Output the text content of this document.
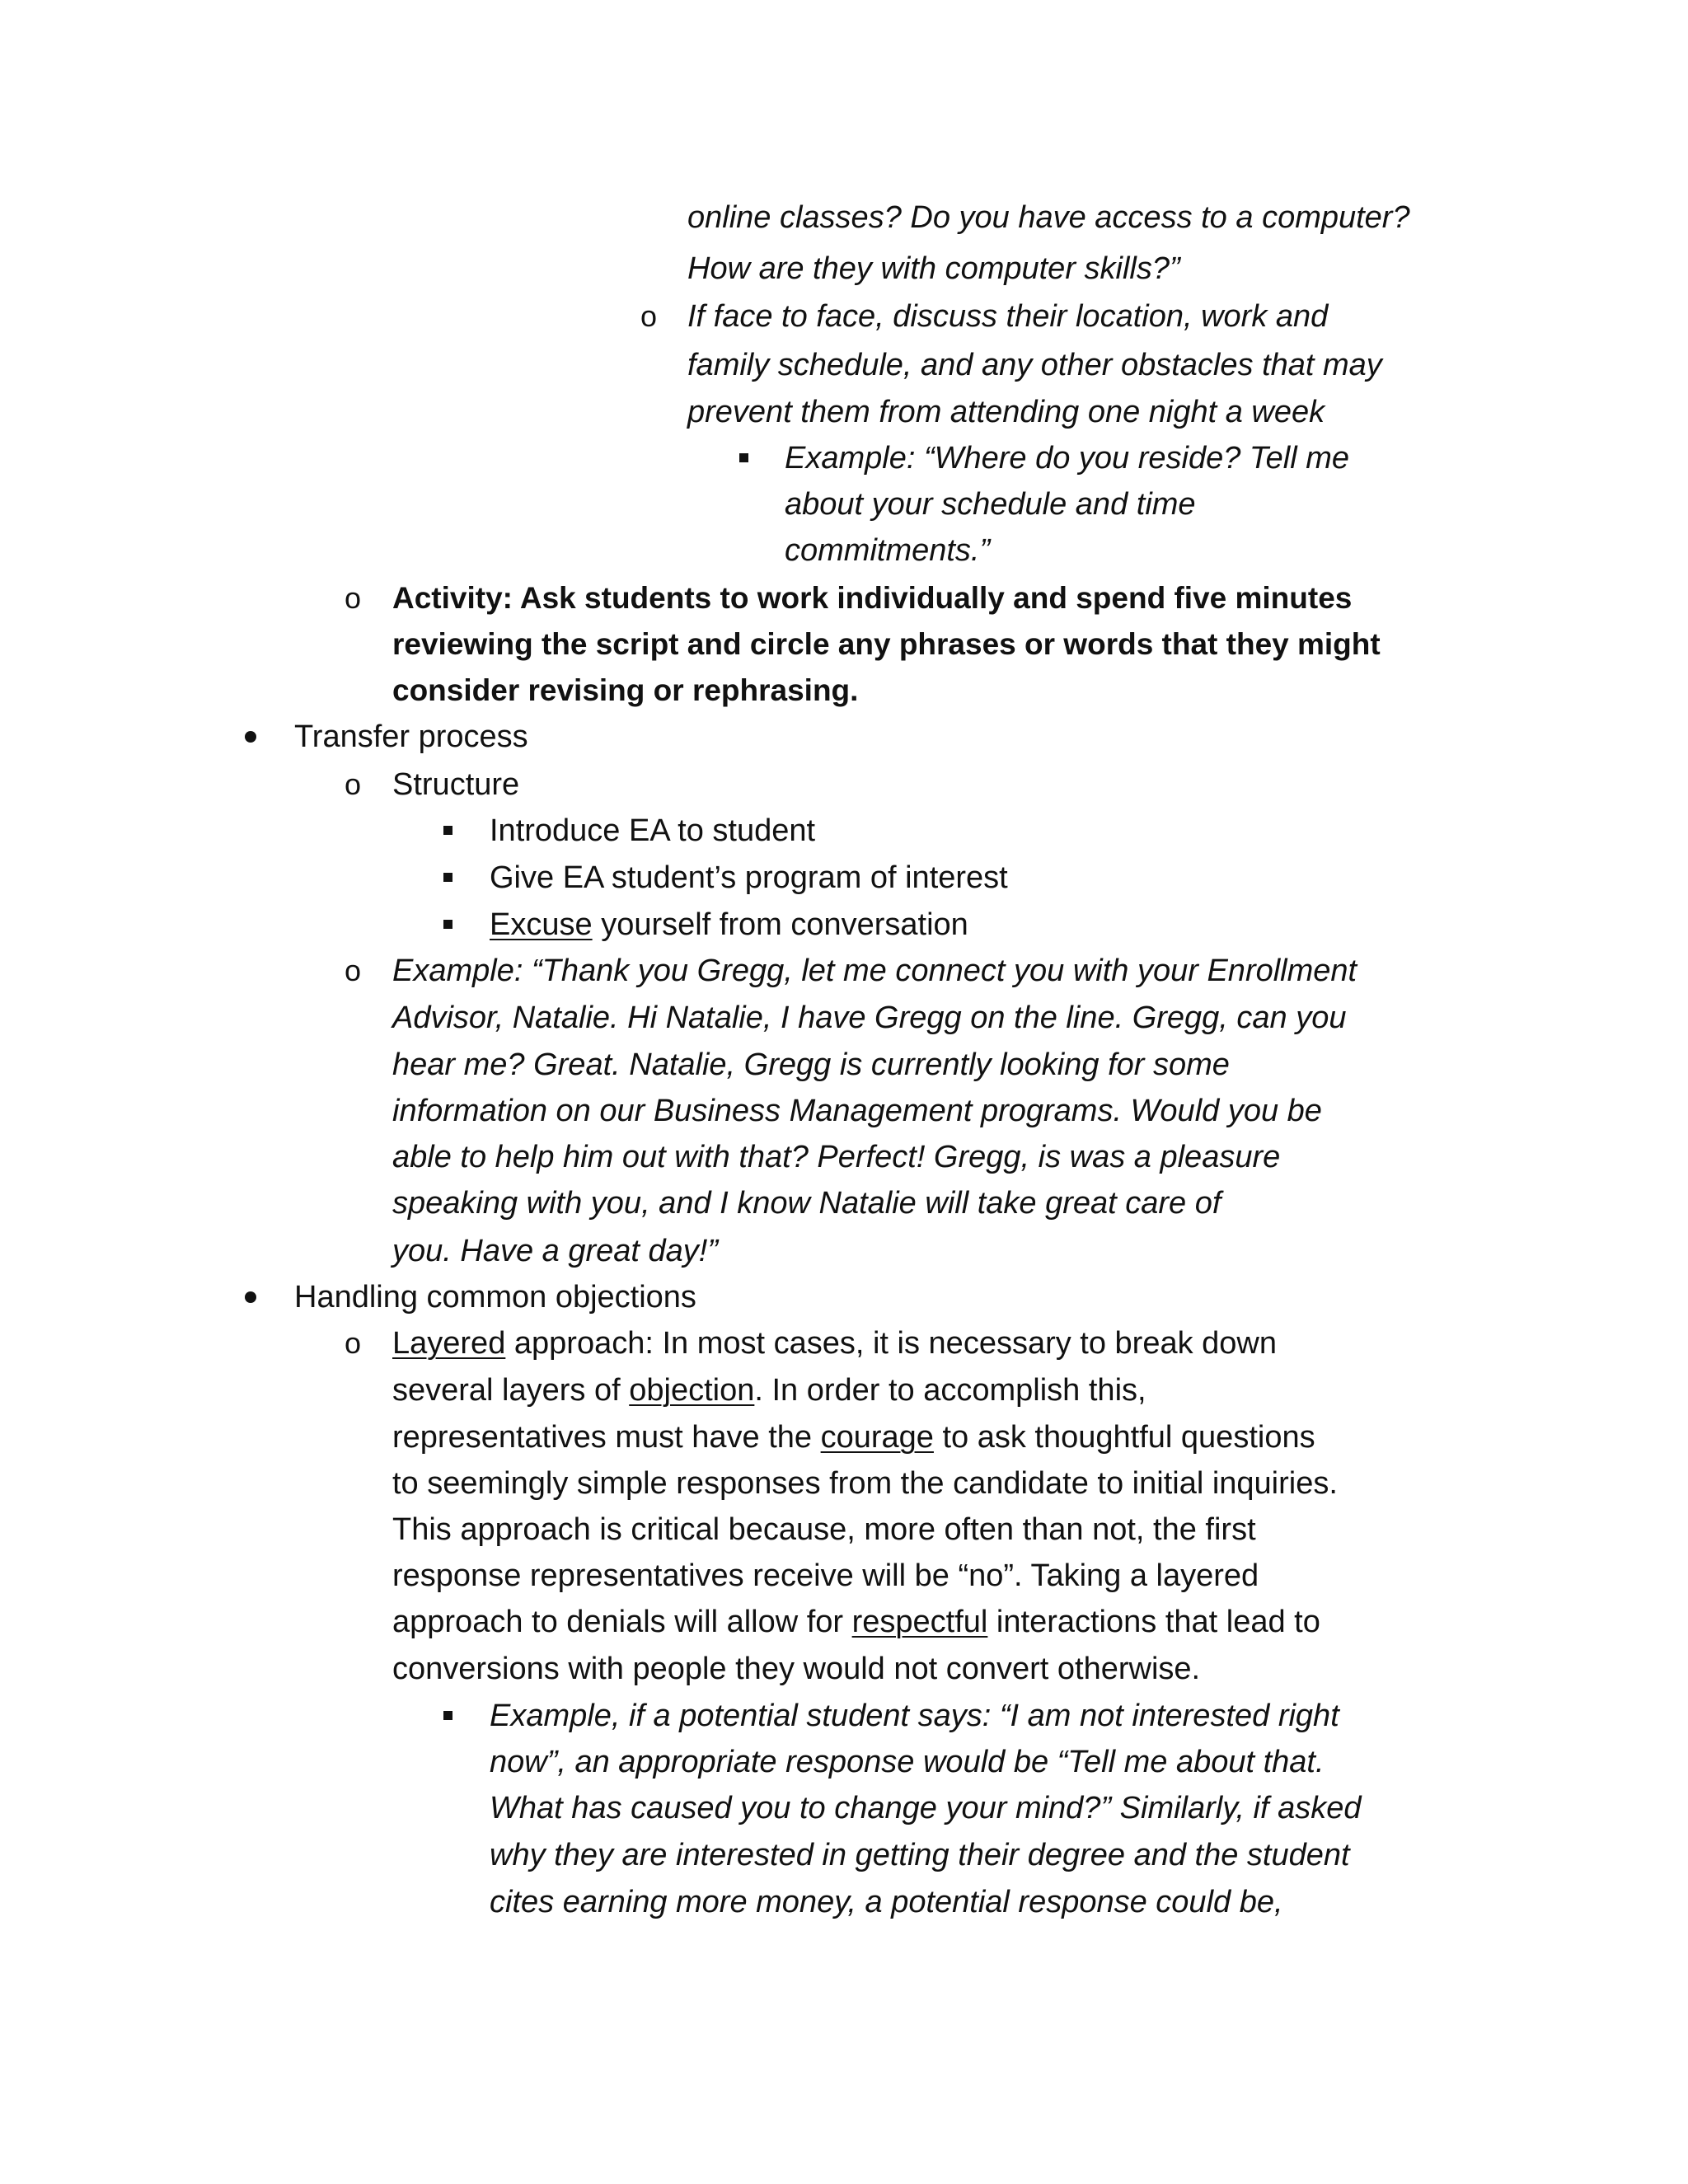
online classes? Do you have access to a computer?

How are they with computer skills?”

o If face to face, discuss their location, work and

family schedule, and any other obstacles that may

prevent them from attending one night a week

Example: “Where do you reside? Tell me

about your schedule and time

commitments.”

o Activity: Ask students to work individually and spend five minutes

reviewing the script and circle any phrases or words that they might

consider revising or rephrasing.

Transfer process

o Structure

Introduce EA to student

Give EA student’s program of interest

Excuse yourself from conversation

o Example: “Thank you Gregg, let me connect you with your Enrollment

Advisor, Natalie. Hi Natalie, I have Gregg on the line. Gregg, can you

hear me? Great. Natalie, Gregg is currently looking for some

information on our Business Management programs. Would you be

able to help him out with that? Perfect! Gregg, is was a pleasure

speaking with you, and I know Natalie will take great care of

you. Have a great day!”

Handling common objections

o Layered approach: In most cases, it is necessary to break down

several layers of objection. In order to accomplish this,

representatives must have the courage to ask thoughtful questions

to seemingly simple responses from the candidate to initial inquiries.

This approach is critical because, more often than not, the first

response representatives receive will be “no”. Taking a layered

approach to denials will allow for respectful interactions that lead to

conversions with people they would not convert otherwise.

Example, if a potential student says: “I am not interested right

now”, an appropriate response would be “Tell me about that.

What has caused you to change your mind?” Similarly, if asked

why they are interested in getting their degree and the student

cites earning more money, a potential response could be,
